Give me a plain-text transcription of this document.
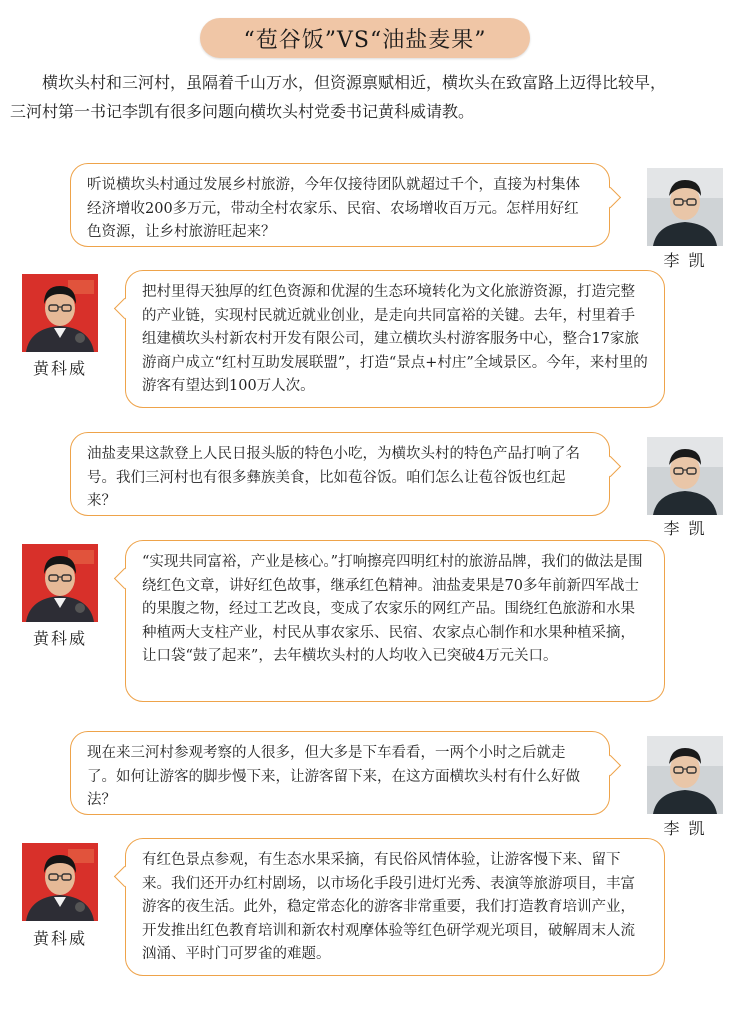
“苞谷饭”VS“油盐麦果”
横坎头村和三河村，虽隔着千山万水，但资源禀赋相近，横坎头在致富路上迈得比较早，
三河村第一书记李凯有很多问题向横坎头村党委书记黄科威请教。
听说横坎头村通过发展乡村旅游，今年仅接待团队就超过千个，直接为村集体经济增收200多万元，带动全村农家乐、民宿、农场增收百万元。怎样用好红色资源，让乡村旅游旺起来？
李 凯
黄科威
把村里得天独厚的红色资源和优渥的生态环境转化为文化旅游资源，打造完整的产业链，实现村民就近就业创业，是走向共同富裕的关键。去年，村里着手组建横坎头村新农村开发有限公司，建立横坎头村游客服务中心，整合17家旅游商户成立“红村互助发展联盟”，打造“景点+村庄”全域景区。今年，来村里的游客有望达到100万人次。
油盐麦果这款登上人民日报头版的特色小吃，为横坎头村的特色产品打响了名号。我们三河村也有很多彝族美食，比如苞谷饭。咱们怎么让苞谷饭也红起来？
李 凯
黄科威
“实现共同富裕，产业是核心。”打响擦亮四明红村的旅游品牌，我们的做法是围绕红色文章，讲好红色故事，继承红色精神。油盐麦果是70多年前新四军战士的果腹之物，经过工艺改良，变成了农家乐的网红产品。围绕红色旅游和水果种植两大支柱产业，村民从事农家乐、民宿、农家点心制作和水果种植采摘，让口袋“鼓了起来”，去年横坎头村的人均收入已突破4万元关口。
现在来三河村参观考察的人很多，但大多是下车看看，一两个小时之后就走了。如何让游客的脚步慢下来，让游客留下来，在这方面横坎头村有什么好做法？
李 凯
黄科威
有红色景点参观，有生态水果采摘，有民俗风情体验，让游客慢下来、留下来。我们还开办红村剧场，以市场化手段引进灯光秀、表演等旅游项目，丰富游客的夜生活。此外，稳定常态化的游客非常重要，我们打造教育培训产业，开发推出红色教育培训和新农村观摩体验等红色研学观光项目，破解周末人流汹涌、平时门可罗雀的难题。
